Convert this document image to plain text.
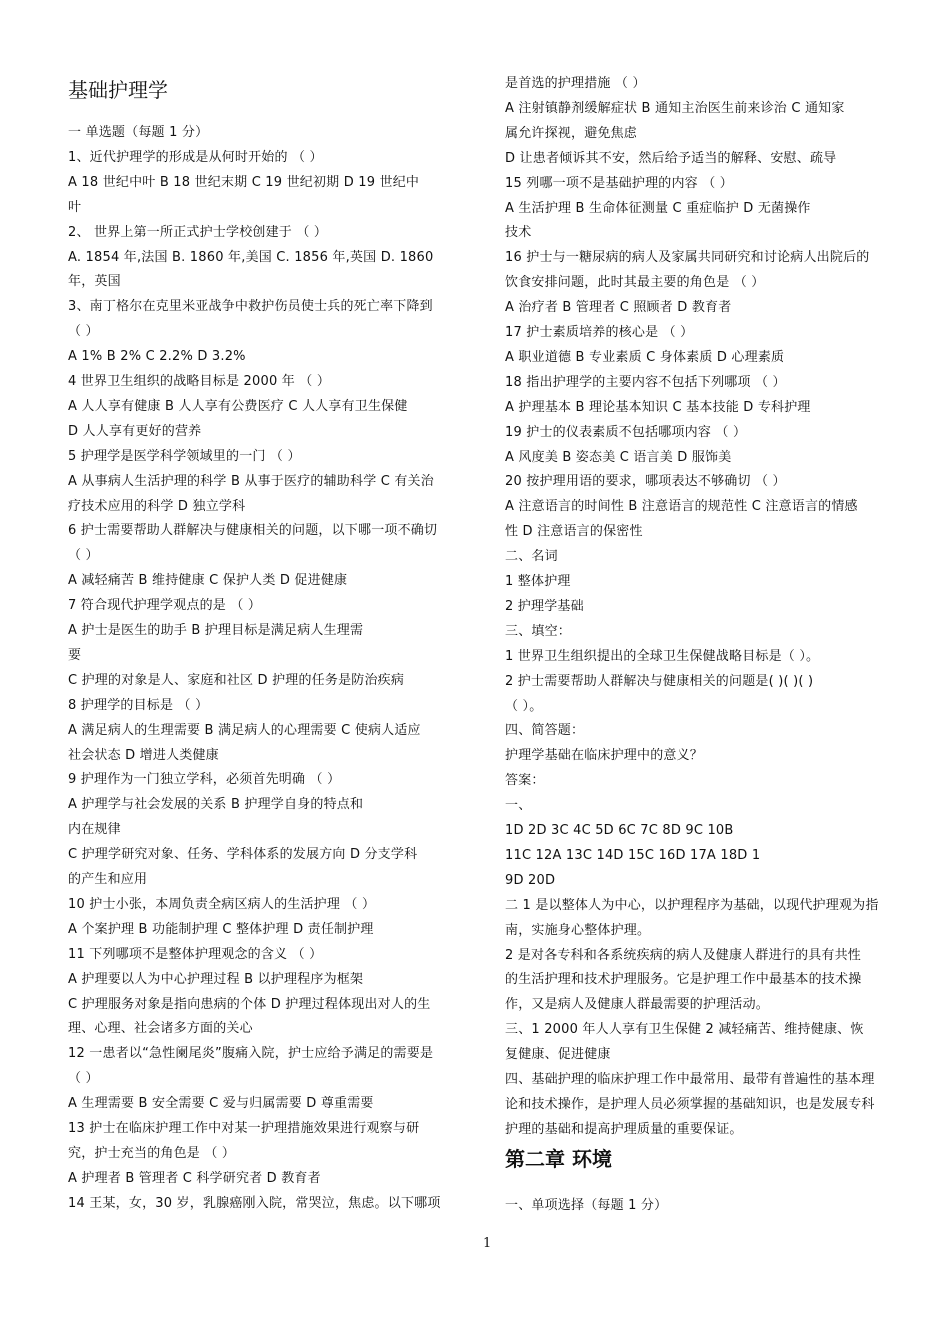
基础护理学
一 单选题（每题 1 分）
1、近代护理学的形成是从何时开始的 （ ）
A 18 世纪中叶 B 18 世纪末期 C 19 世纪初期 D 19 世纪中
叶
2、 世界上第一所正式护士学校创建于 （ ）
A. 1854 年,法国 B. 1860 年,美国 C. 1856 年,英国 D. 1860
年，英国
3、南丁格尔在克里米亚战争中救护伤员使士兵的死亡率下降到
（ ）
A 1% B 2% C 2.2% D 3.2%
4 世界卫生组织的战略目标是 2000 年 （ ）
A 人人享有健康 B 人人享有公费医疗 C 人人享有卫生保健
D 人人享有更好的营养
5 护理学是医学科学领域里的一门 （ ）
A 从事病人生活护理的科学 B 从事于医疗的辅助科学 C 有关治
疗技术应用的科学 D 独立学科
6 护士需要帮助人群解决与健康相关的问题，以下哪一项不确切
（ ）
A 减轻痛苦 B 维持健康 C 保护人类 D 促进健康
7 符合现代护理学观点的是 （ ）
A 护士是医生的助手 B 护理目标是满足病人生理需
要
C 护理的对象是人、家庭和社区 D 护理的任务是防治疾病
8 护理学的目标是 （ ）
A 满足病人的生理需要 B 满足病人的心理需要 C 使病人适应
社会状态 D 增进人类健康
9 护理作为一门独立学科，必须首先明确 （ ）
A 护理学与社会发展的关系 B 护理学自身的特点和
内在规律
C 护理学研究对象、任务、学科体系的发展方向 D 分支学科
的产生和应用
10 护士小张，本周负责全病区病人的生活护理 （ ）
A 个案护理 B 功能制护理 C 整体护理 D 责任制护理
11 下列哪项不是整体护理观念的含义 （ ）
A 护理要以人为中心护理过程 B 以护理程序为框架
C 护理服务对象是指向患病的个体 D 护理过程体现出对人的生
理、心理、社会诸多方面的关心
12 一患者以“急性阑尾炎”腹痛入院，护士应给予满足的需要是
（ ）
A 生理需要 B 安全需要 C 爱与归属需要 D 尊重需要
13 护士在临床护理工作中对某一护理措施效果进行观察与研
究，护士充当的角色是 （ ）
A 护理者 B 管理者 C 科学研究者 D 教育者
14 王某，女，30 岁，乳腺癌刚入院，常哭泣，焦虑。以下哪项
是首选的护理措施 （ ）
A 注射镇静剂缓解症状 B 通知主治医生前来诊治 C 通知家
属允许探视，避免焦虑
D 让患者倾诉其不安，然后给予适当的解释、安慰、疏导
15 列哪一项不是基础护理的内容 （ ）
A 生活护理 B 生命体征测量 C 重症临护 D 无菌操作
技术
16 护士与一糖尿病的病人及家属共同研究和讨论病人出院后的
饮食安排问题，此时其最主要的角色是 （ ）
A 治疗者 B 管理者 C 照顾者 D 教育者
17 护士素质培养的核心是 （ ）
A 职业道德 B 专业素质 C 身体素质 D 心理素质
18 指出护理学的主要内容不包括下列哪项 （ ）
A 护理基本 B 理论基本知识 C 基本技能 D 专科护理
19 护士的仪表素质不包括哪项内容 （ ）
A 风度美 B 姿态美 C 语言美 D 服饰美
20 按护理用语的要求，哪项表达不够确切 （ ）
A 注意语言的时间性 B 注意语言的规范性 C 注意语言的情感
性 D 注意语言的保密性
二、名词
1 整体护理
2 护理学基础
三、填空：
1 世界卫生组织提出的全球卫生保健战略目标是（ ）。
2 护士需要帮助人群解决与健康相关的问题是( )( )( )
（ ）。
四、简答题：
护理学基础在临床护理中的意义？
答案：
一、
1D 2D 3C 4C 5D 6C 7C 8D 9C 10B
11C 12A 13C 14D 15C 16D 17A 18D 1
9D 20D
二 1 是以整体人为中心，以护理程序为基础，以现代护理观为指
南，实施身心整体护理。
2 是对各专科和各系统疾病的病人及健康人群进行的具有共性
的生活护理和技术护理服务。它是护理工作中最基本的技术操
作，又是病人及健康人群最需要的护理活动。
三、1 2000 年人人享有卫生保健 2 减轻痛苦、维持健康、恢
复健康、促进健康
四、基础护理的临床护理工作中最常用、最带有普遍性的基本理
论和技术操作，是护理人员必须掌握的基础知识，也是发展专科
护理的基础和提高护理质量的重要保证。
第二章 环境
一、单项选择（每题 1 分）
1
